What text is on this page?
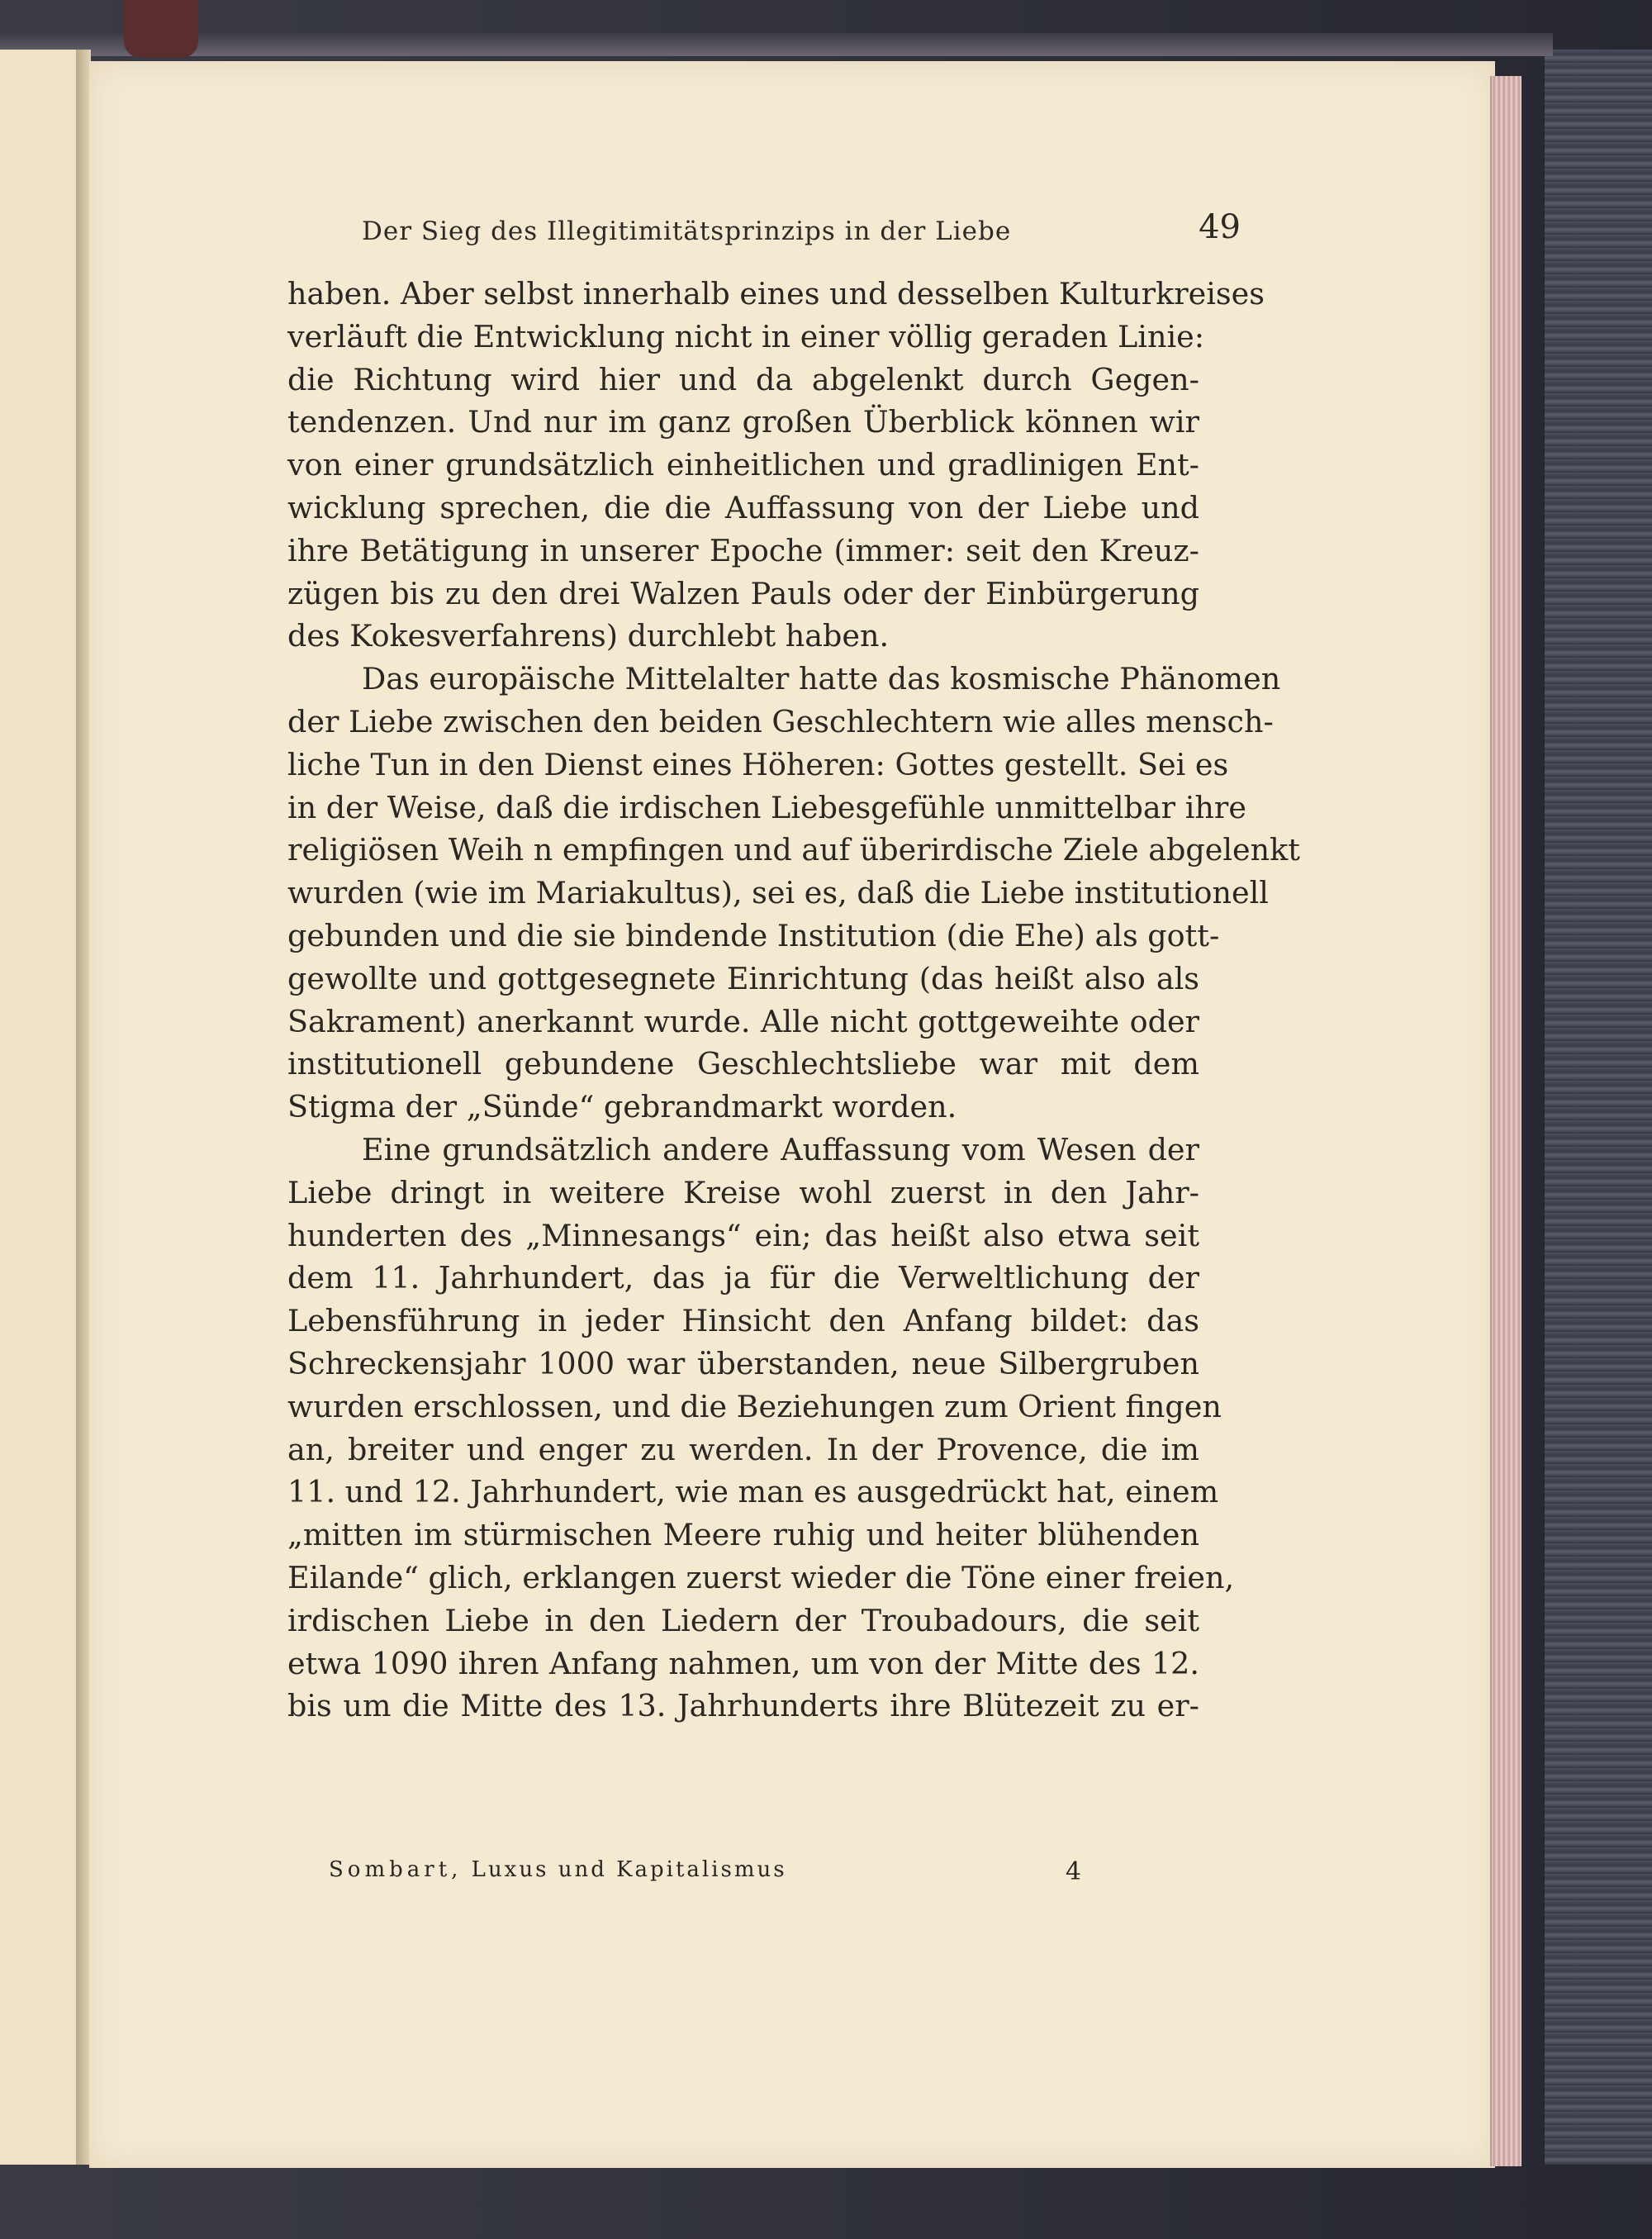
Der Sieg des Illegitimitätsprinzips in der Liebe	49
haben. Aber selbst innerhalb eines und desselben Kulturkreises
verläuft die Entwicklung nicht in einer völlig geraden Linie:
die Richtung wird hier und da abgelenkt durch Gegen-
tendenzen. Und nur im ganz großen Überblick können wir
von einer grundsätzlich einheitlichen und gradlinigen Ent-
wicklung sprechen, die die Auffassung von der Liebe und
ihre Betätigung in unserer Epoche (immer: seit den Kreuz-
zügen bis zu den drei Walzen Pauls oder der Einbürgerung
des Kokesverfahrens) durchlebt haben.
Das europäische Mittelalter hatte das kosmische Phänomen
der Liebe zwischen den beiden Geschlechtern wie alles mensch-
liche Tun in den Dienst eines Höheren: Gottes gestellt. Sei es
in der Weise, daß die irdischen Liebesgefühle unmittelbar ihre
religiösen Weih n empfingen und auf überirdische Ziele abgelenkt
wurden (wie im Mariakultus), sei es, daß die Liebe institutionell
gebunden und die sie bindende Institution (die Ehe) als gott-
gewollte und gottgesegnete Einrichtung (das heißt also als
Sakrament) anerkannt wurde. Alle nicht gottgeweihte oder
institutionell gebundene Geschlechtsliebe war mit dem
Stigma der „Sünde“ gebrandmarkt worden.
Eine grundsätzlich andere Auffassung vom Wesen der
Liebe dringt in weitere Kreise wohl zuerst in den Jahr-
hunderten des „Minnesangs“ ein; das heißt also etwa seit
dem 11. Jahrhundert, das ja für die Verweltlichung der
Lebensführung in jeder Hinsicht den Anfang bildet: das
Schreckensjahr 1000 war überstanden, neue Silbergruben
wurden erschlossen, und die Beziehungen zum Orient fingen
an, breiter und enger zu werden. In der Provence, die im
11. und 12. Jahrhundert, wie man es ausgedrückt hat, einem
„mitten im stürmischen Meere ruhig und heiter blühenden
Eilande“ glich, erklangen zuerst wieder die Töne einer freien,
irdischen Liebe in den Liedern der Troubadours, die seit
etwa 1090 ihren Anfang nahmen, um von der Mitte des 12.
bis um die Mitte des 13. Jahrhunderts ihre Blütezeit zu er-
Sombart, Luxus und Kapitalismus	4
